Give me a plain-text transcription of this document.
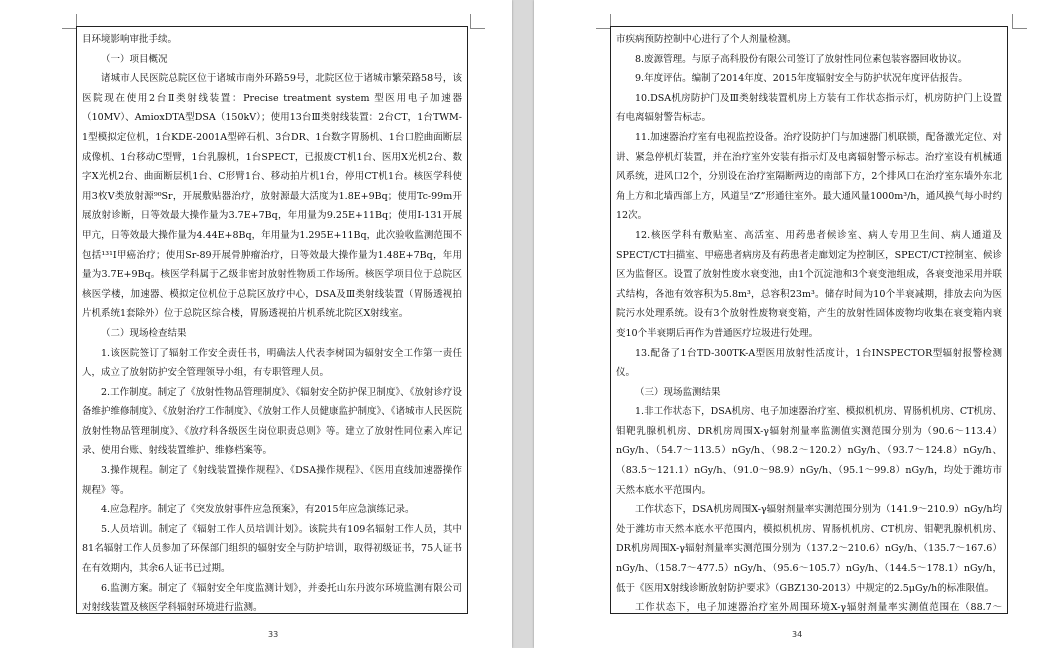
目环境影响审批手续。

（一）项目概况

诸城市人民医院总院区位于诸城市南外环路59号，北院区位于诸城市繁荣路58号，该医院现在使用2台Ⅱ类射线装置：Precise treatment system 型医用电子加速器（10MV）、AmioxDTA型DSA（150kV）；使用13台Ⅲ类射线装置：2台CT，1台TWM-1型模拟定位机，1台KDE-2001A型碎石机、3台DR、1台数字胃肠机、1台口腔曲面断层成像机、1台移动C型臂，1台乳腺机，1台SPECT，已报废CT机1台、医用X光机2台、数字X光机2台、曲面断层机1台、C形臂1台、移动拍片机1台，停用CT机1台。核医学科使用3枚Ⅴ类放射源⁹⁰Sr，开展敷贴器治疗，放射源最大活度为1.8E+9Bq；使用Tc-99m开展放射诊断，日等效最大操作量为3.7E+7Bq，年用量为9.25E+11Bq；使用I-131开展甲亢，日等效最大操作量为4.44E+8Bq，年用量为1.295E+11Bq，此次验收监测范围不包括¹³¹I甲癌治疗；使用Sr-89开展骨肿瘤治疗，日等效最大操作量为1.48E+7Bq，年用量为3.7E+9Bq。核医学科属于乙级非密封放射性物质工作场所。核医学项目位于总院区核医学楼，加速器、模拟定位机位于总院区放疗中心，DSA及Ⅲ类射线装置（胃肠透视拍片机系统1套除外）位于总院区综合楼，胃肠透视拍片机系统北院区X射线室。

（二）现场检查结果

1.该医院签订了辐射工作安全责任书，明确法人代表李树国为辐射安全工作第一责任人，成立了放射防护安全管理领导小组，有专职管理人员。

2.工作制度。制定了《放射性物品管理制度》、《辐射安全防护保卫制度》、《放射诊疗设备维护维修制度》、《放射治疗工作制度》、《放射工作人员健康监护制度》、《诸城市人民医院放射性物品管理制度》、《放疗科各级医生岗位职责总则》等。建立了放射性同位素入库记录、使用台账、射线装置维护、维修档案等。

3.操作规程。制定了《射线装置操作规程》、《DSA操作规程》、《医用直线加速器操作规程》等。

4.应急程序。制定了《突发放射事件应急预案》，有2015年应急演练记录。

5.人员培训。制定了《辐射工作人员培训计划》。该院共有109名辐射工作人员，其中81名辐射工作人员参加了环保部门组织的辐射安全与防护培训，取得初级证书，75人证书在有效期内，其余6人证书已过期。

6.监测方案。制定了《辐射安全年度监测计划》，并委托山东丹波尔环境监测有限公司对射线装置及核医学科辐射环境进行监测。

33

市疾病预防控制中心进行了个人剂量检测。

8.废源管理。与原子高科股份有限公司签订了放射性同位素包装容器回收协议。

9.年度评估。编制了2014年度、2015年度辐射安全与防护状况年度评估报告。

10.DSA机房防护门及Ⅲ类射线装置机房上方装有工作状态指示灯，机房防护门上设置有电离辐射警告标志。

11.加速器治疗室有电视监控设备。治疗设防护门与加速器门机联锁，配备激光定位、对讲、紧急停机灯装置，并在治疗室外安装有指示灯及电离辐射警示标志。治疗室设有机械通风系统，进风口2个，分别设在治疗室隔断两边的南部下方，2个排风口在治疗室东墙外东北角上方和北墙西部上方，风道呈“Z”形通往室外。最大通风量1000m³/h，通风换气每小时约12次。

12.核医学科有敷贴室、高活室、用药患者候诊室、病人专用卫生间、病人通道及SPECT/CT扫描室、甲癌患者病房及有药患者走廊划定为控制区，SPECT/CT控制室、候诊区为监督区。设置了放射性废水衰变池，由1个沉淀池和3个衰变池组成，各衰变池采用并联式结构，各池有效容积为5.8m³，总容积23m³。储存时间为10个半衰减期，排放去向为医院污水处理系统。设有3个放射性废物衰变箱，产生的放射性固体废物均收集在衰变箱内衰变10个半衰期后再作为普通医疗垃圾进行处理。

13.配备了1台TD-300TK-A型医用放射性活度计，1台INSPECTOR型辐射报警检测仪。

（三）现场监测结果

1.非工作状态下，DSA机房、电子加速器治疗室、模拟机机房、胃肠机机房、CT机房、钼靶乳腺机机房、DR机房周围X-γ辐射剂量率监测值实测范围分别为（90.6～113.4）nGy/h、（54.7～113.5）nGy/h、（98.2～120.2）nGy/h、（93.7～124.8）nGy/h、（83.5～121.1）nGy/h、（91.0～98.9）nGy/h、（95.1～99.8）nGy/h，均处于潍坊市天然本底水平范围内。

工作状态下，DSA机房周围X-γ辐射剂量率实测范围分别为（141.9～210.9）nGy/h均处于潍坊市天然本底水平范围内，模拟机机房、胃肠机机房、CT机房、钼靶乳腺机机房、DR机房周围X-γ辐射剂量率实测范围分别为（137.2～210.6）nGy/h、（135.7～167.6）nGy/h、（158.7～477.5）nGy/h、（95.6～105.7）nGy/h、（144.5～178.1）nGy/h，低于《医用X射线诊断放射防护要求》（GBZ130-2013）中规定的2.5μGy/h的标准限值。

工作状态下，电子加速器治疗室外周围环境X-γ辐射剂量率实测值范围在（88.7～

34
